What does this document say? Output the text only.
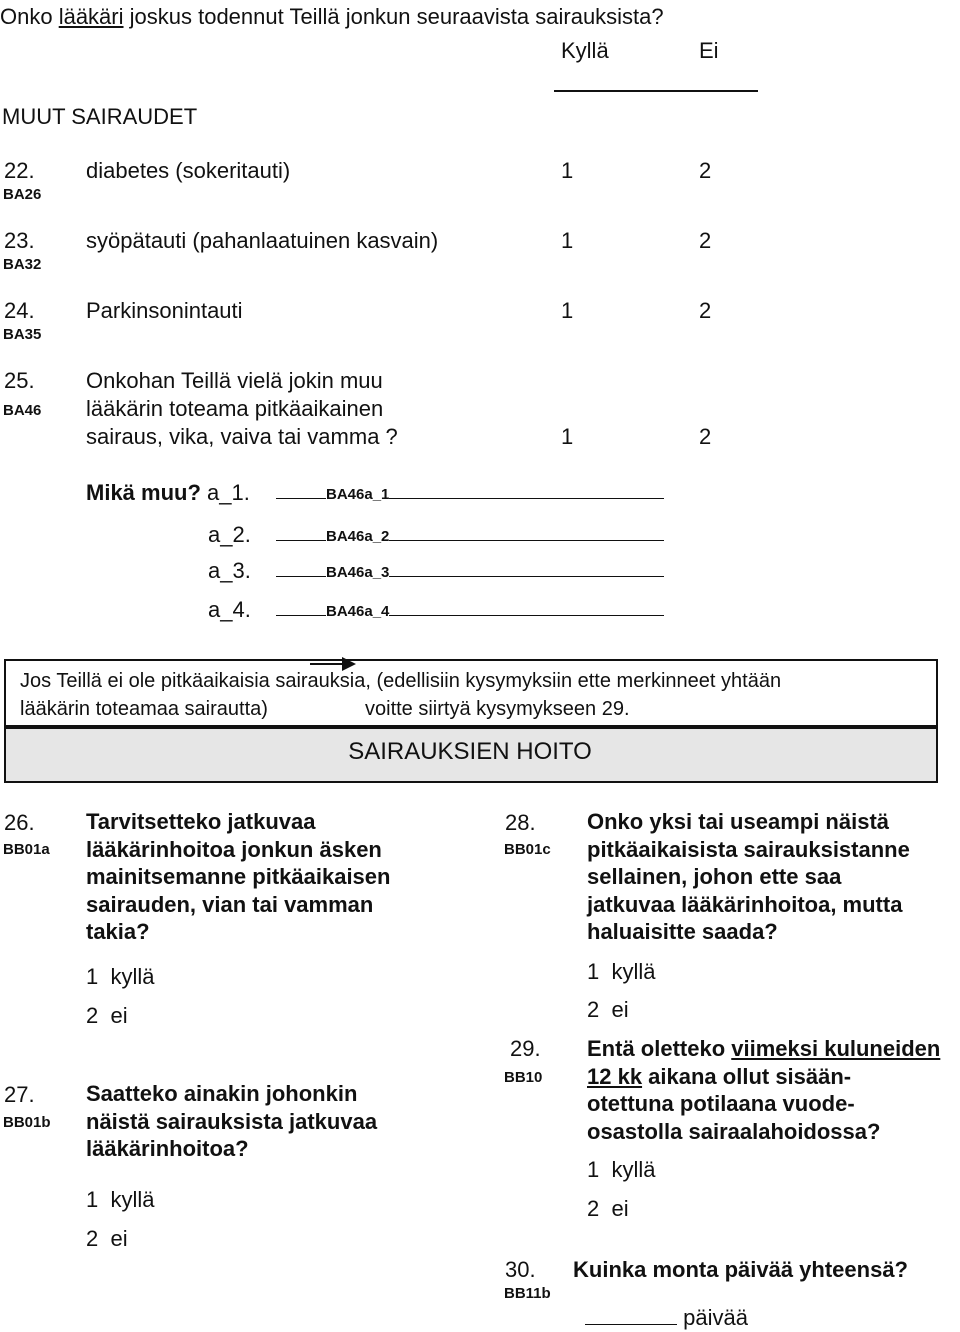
Onko lääkäri joskus todennut Teillä jonkun seuraavista sairauksista?
Kyllä	Ei
MUUT SAIRAUDET
22.
BA26
diabetes (sokeritauti)	1	2
23.
BA32
syöpätauti (pahanlaatuinen kasvain)	1	2
24.
BA35
Parkinsonintauti	1	2
25.
BA46
Onkohan Teillä vielä jokin muu
lääkärin toteama pitkäaikainen
sairaus, vika, vaiva tai vamma ?	1	2
Mikä muu? a_1.	BA46a_1
a_2.	BA46a_2
a_3.	BA46a_3
a_4.	BA46a_4
Jos Teillä ei ole pitkäaikaisia sairauksia, (edellisiin kysymyksiin ette merkinneet yhtään
lääkärin toteamaa sairautta)	voitte siirtyä kysymykseen 29.
SAIRAUKSIEN HOITO
26.
BB01a
Tarvitsetteko jatkuvaa
lääkärinhoitoa jonkun äsken
mainitsemanne pitkäaikaisen
sairauden, vian tai vamman
takia?
1  kyllä
2  ei
27.
BB01b
Saatteko ainakin johonkin
näistä sairauksista jatkuvaa
lääkärinhoitoa?
1  kyllä
2  ei
28.
BB01c
Onko yksi tai useampi näistä
pitkäaikaisista sairauksistanne
sellainen, johon ette saa
jatkuvaa lääkärinhoitoa, mutta
haluaisitte saada?
1  kyllä
2  ei
29.
BB10
Entä oletteko viimeksi kuluneiden
12 kk aikana ollut sisään-
otettuna potilaana vuode-
osastolla sairaalahoidossa?
1  kyllä
2  ei
30.
BB11b
Kuinka monta päivää yhteensä?
päivää
